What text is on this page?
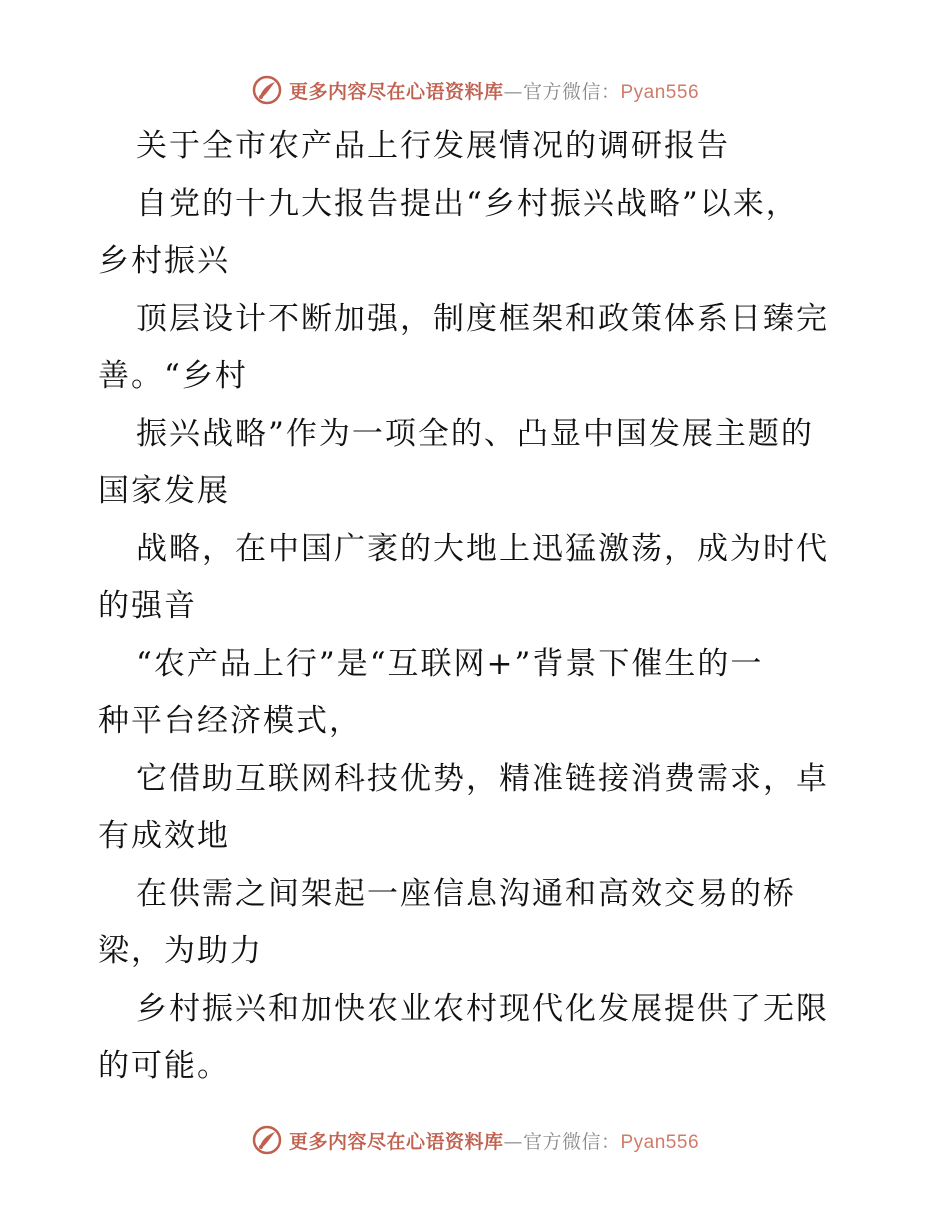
更多内容尽在心语资料库—官方微信：Pyan556
关于全市农产品上行发展情况的调研报告
自党的十九大报告提出“乡村振兴战略”以来，
乡村振兴
顶层设计不断加强，制度框架和政策体系日臻完
善。“乡村
振兴战略”作为一项全的、凸显中国发展主题的
国家发展
战略，在中国广袤的大地上迅猛激荡，成为时代
的强音
“农产品上行”是“互联网+”背景下催生的一
种平台经济模式，
它借助互联网科技优势，精准链接消费需求，卓
有成效地
在供需之间架起一座信息沟通和高效交易的桥
梁，为助力
乡村振兴和加快农业农村现代化发展提供了无限
的可能。
更多内容尽在心语资料库—官方微信：Pyan556
